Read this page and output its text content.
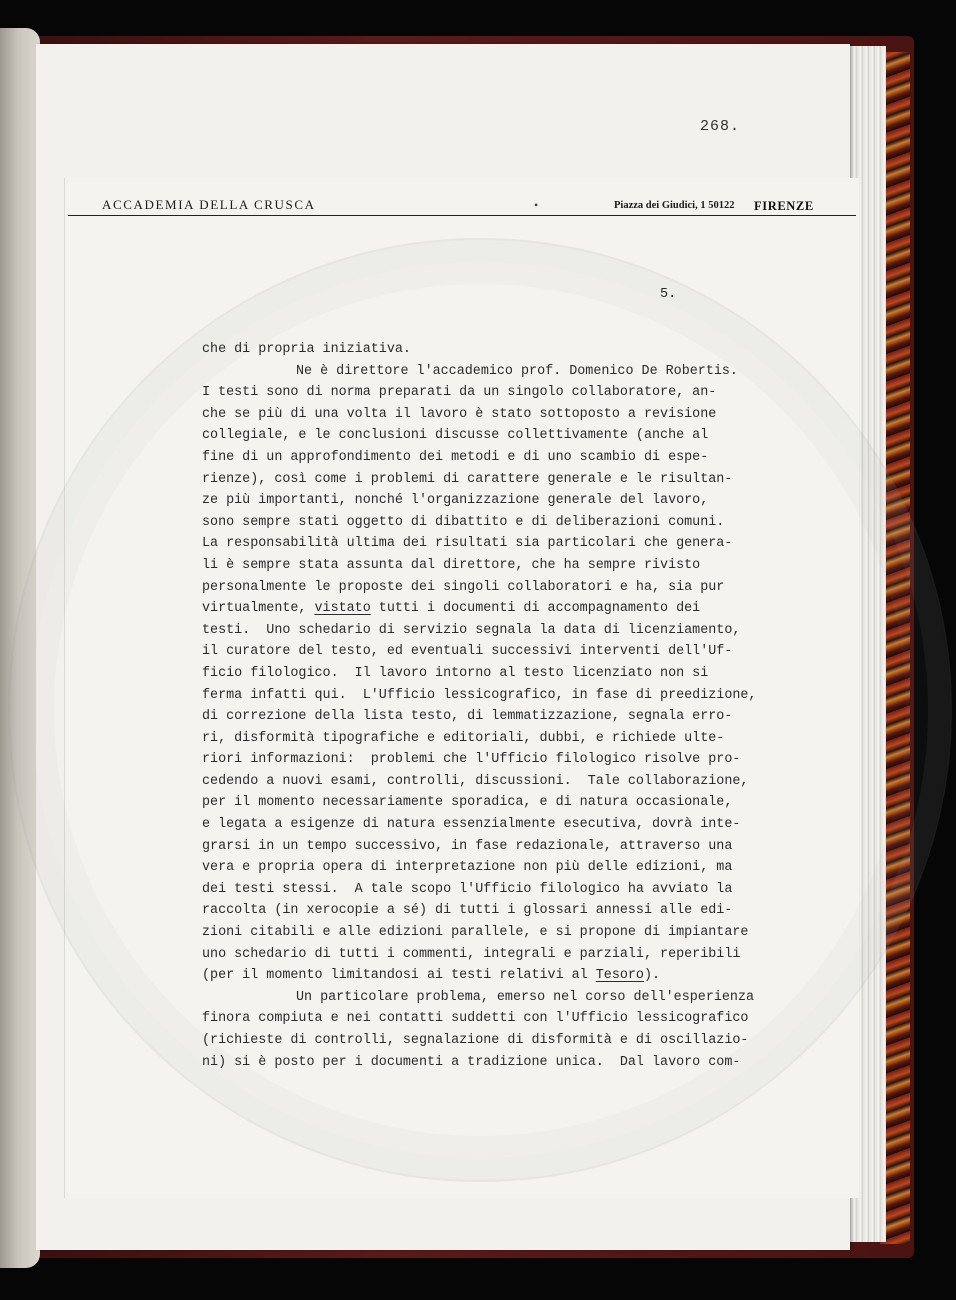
268.
ACCADEMIA DELLA CRUSCA	•	Piazza dei Giudici, 1 50122 FIRENZE
5.
che di propria iniziativa.
Ne è direttore l'accademico prof. Domenico De Robertis.
I testi sono di norma preparati da un singolo collaboratore, an-
che se più di una volta il lavoro è stato sottoposto a revisione
collegiale, e le conclusioni discusse collettivamente (anche al
fine di un approfondimento dei metodi e di uno scambio di espe-
rienze), così come i problemi di carattere generale e le risultan-
ze più importanti, nonché l'organizzazione generale del lavoro,
sono sempre stati oggetto di dibattito e di deliberazioni comuni.
La responsabilità ultima dei risultati sia particolari che genera-
li è sempre stata assunta dal direttore, che ha sempre rivisto
personalmente le proposte dei singoli collaboratori e ha, sia pur
virtualmente, vistato tutti i documenti di accompagnamento dei
testi.  Uno schedario di servizio segnala la data di licenziamento,
il curatore del testo, ed eventuali successivi interventi dell'Uf-
ficio filologico.  Il lavoro intorno al testo licenziato non si
ferma infatti qui.  L'Ufficio lessicografico, in fase di preedizione,
di correzione della lista testo, di lemmatizzazione, segnala erro-
ri, disformità tipografiche e editoriali, dubbi, e richiede ulte-
riori informazioni:  problemi che l'Ufficio filologico risolve pro-
cedendo a nuovi esami, controlli, discussioni.  Tale collaborazione,
per il momento necessariamente sporadica, e di natura occasionale,
e legata a esigenze di natura essenzialmente esecutiva, dovrà inte-
grarsi in un tempo successivo, in fase redazionale, attraverso una
vera e propria opera di interpretazione non più delle edizioni, ma
dei testi stessi.  A tale scopo l'Ufficio filologico ha avviato la
raccolta (in xerocopie a sé) di tutti i glossari annessi alle edi-
zioni citabili e alle edizioni parallele, e si propone di impiantare
uno schedario di tutti i commenti, integrali e parziali, reperibili
(per il momento limitandosi ai testi relativi al Tesoro).
Un particolare problema, emerso nel corso dell'esperienza
finora compiuta e nei contatti suddetti con l'Ufficio lessicografico
(richieste di controlli, segnalazione di disformità e di oscillazio-
ni) si è posto per i documenti a tradizione unica.  Dal lavoro com-
